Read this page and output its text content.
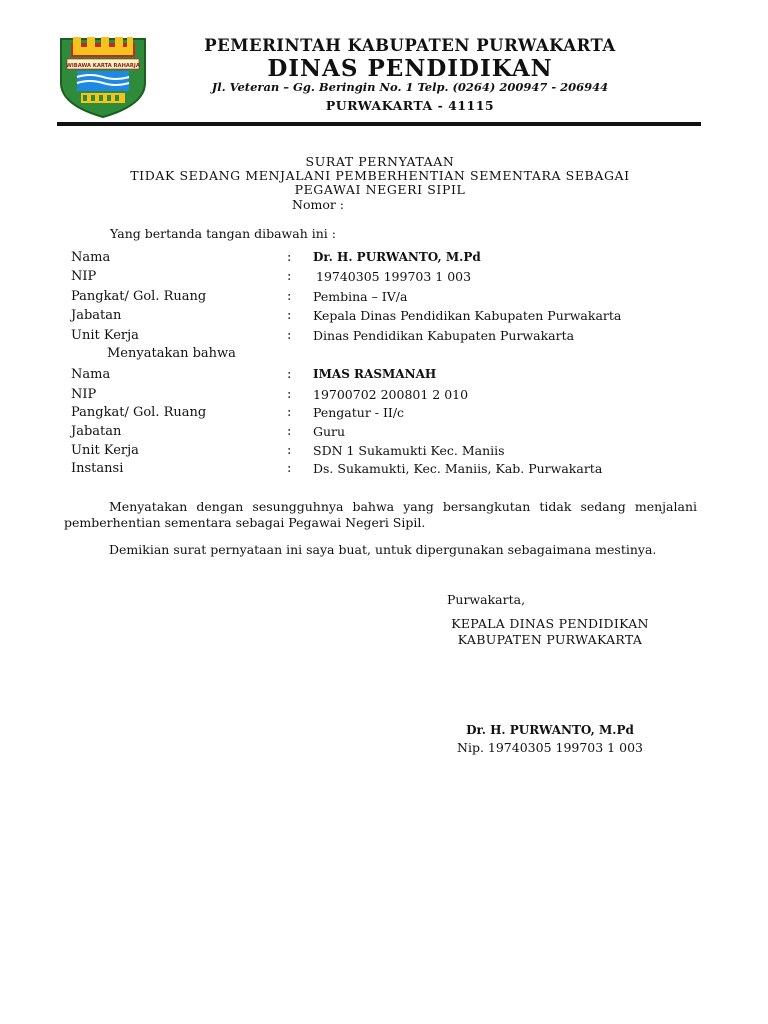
WIBAWA KARTA RAHARJA
PEMERINTAH KABUPATEN PURWAKARTA
DINAS PENDIDIKAN
Jl. Veteran – Gg. Beringin No. 1 Telp. (0264) 200947 - 206944
PURWAKARTA - 41115
SURAT PERNYATAAN
TIDAK SEDANG MENJALANI PEMBERHENTIAN SEMENTARA SEBAGAI
PEGAWAI NEGERI SIPIL
Nomor :
Yang bertanda tangan dibawah ini :
Nama	: Dr. H. PURWANTO, M.Pd
NIP	: 19740305 199703 1 003
Pangkat/ Gol. Ruang	: Pembina – IV/a
Jabatan	: Kepala Dinas Pendidikan Kabupaten Purwakarta
Unit Kerja	: Dinas Pendidikan Kabupaten Purwakarta
Menyatakan bahwa
Nama	: IMAS RASMANAH
NIP	: 19700702 200801 2 010
Pangkat/ Gol. Ruang	: Pengatur - II/c
Jabatan	: Guru
Unit Kerja	: SDN 1 Sukamukti Kec. Maniis
Instansi	: Ds. Sukamukti, Kec. Maniis, Kab. Purwakarta
Menyatakan dengan sesungguhnya bahwa yang bersangkutan tidak sedang menjalani pemberhentian sementara sebagai Pegawai Negeri Sipil.
Demikian surat pernyataan ini saya buat, untuk dipergunakan sebagaimana mestinya.
Purwakarta,
KEPALA DINAS PENDIDIKAN
KABUPATEN PURWAKARTA
Dr. H. PURWANTO, M.Pd
Nip. 19740305 199703 1 003
